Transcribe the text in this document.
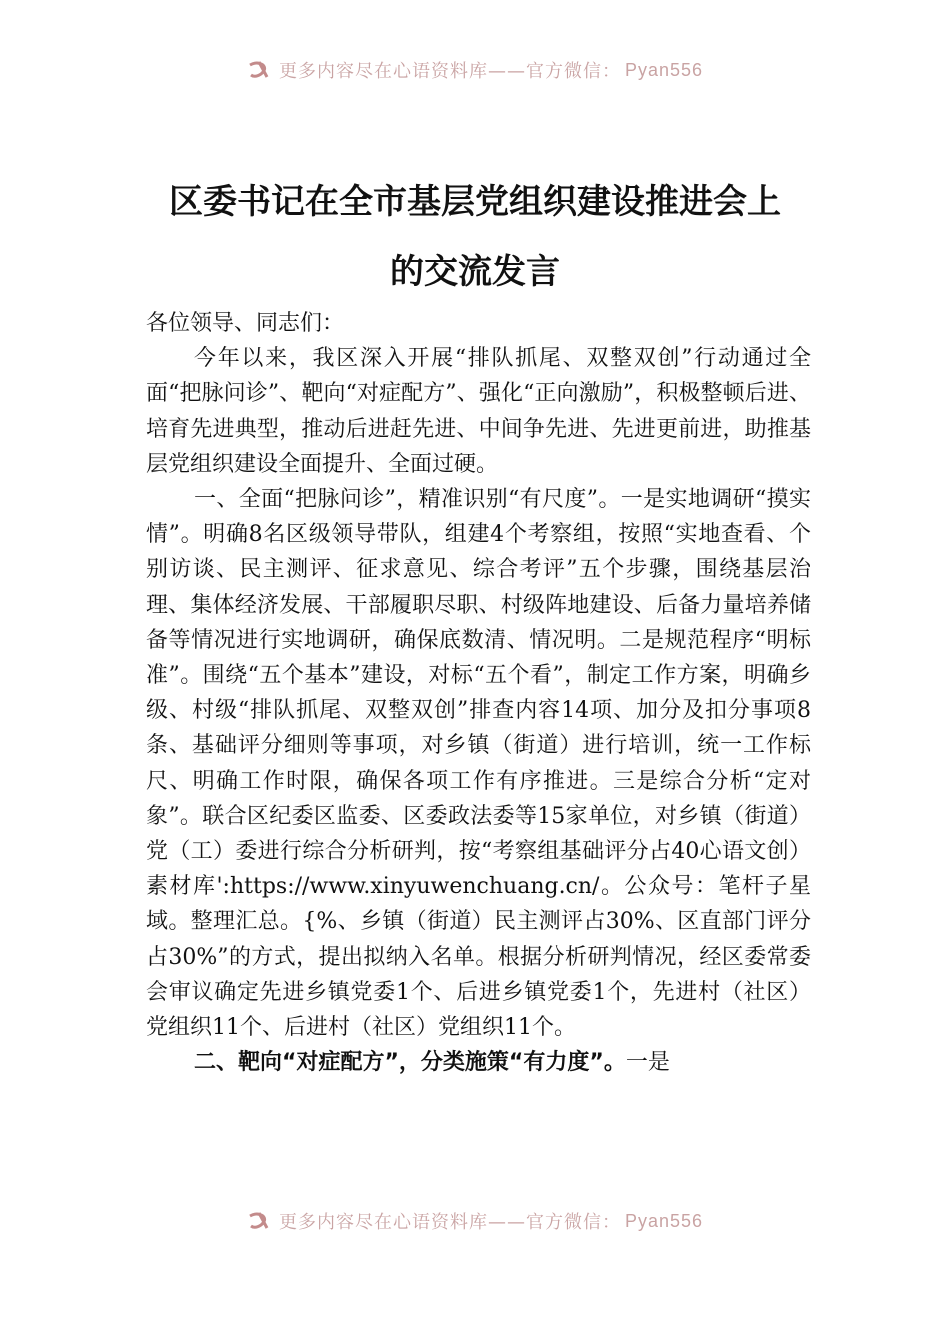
更多内容尽在心语资料库——官方微信： Pyan556
区委书记在全市基层党组织建设推进会上
的交流发言

各位领导、同志们：

今年以来，我区深入开展“排队抓尾、双整双创”行动通过全面“把脉问诊”、靶向“对症配方”、强化“正向激励”，积极整顿后进、培育先进典型，推动后进赶先进、中间争先进、先进更前进，助推基层党组织建设全面提升、全面过硬。

一、全面“把脉问诊”，精准识别“有尺度”。一是实地调研“摸实情”。明确8名区级领导带队，组建4个考察组，按照“实地查看、个别访谈、民主测评、征求意见、综合考评”五个步骤，围绕基层治理、集体经济发展、干部履职尽职、村级阵地建设、后备力量培养储备等情况进行实地调研，确保底数清、情况明。二是规范程序“明标准”。围绕“五个基本”建设，对标“五个看”，制定工作方案，明确乡级、村级“排队抓尾、双整双创”排查内容14项、加分及扣分事项8条、基础评分细则等事项，对乡镇（街道）进行培训，统一工作标尺、明确工作时限，确保各项工作有序推进。三是综合分析“定对象”。联合区纪委区监委、区委政法委等15家单位，对乡镇（街道）党（工）委进行综合分析研判，按“考察组基础评分占40心语文创）素材库':https://www.xinyuwenchuang.cn/。公众号：笔杆子星域。整理汇总。{%、乡镇（街道）民主测评占30%、区直部门评分占30%”的方式，提出拟纳入名单。根据分析研判情况，经区委常委会审议确定先进乡镇党委1个、后进乡镇党委1个，先进村（社区）党组织11个、后进村（社区）党组织11个。

二、靶向“对症配方”，分类施策“有力度”。一是

更多内容尽在心语资料库——官方微信： Pyan556
